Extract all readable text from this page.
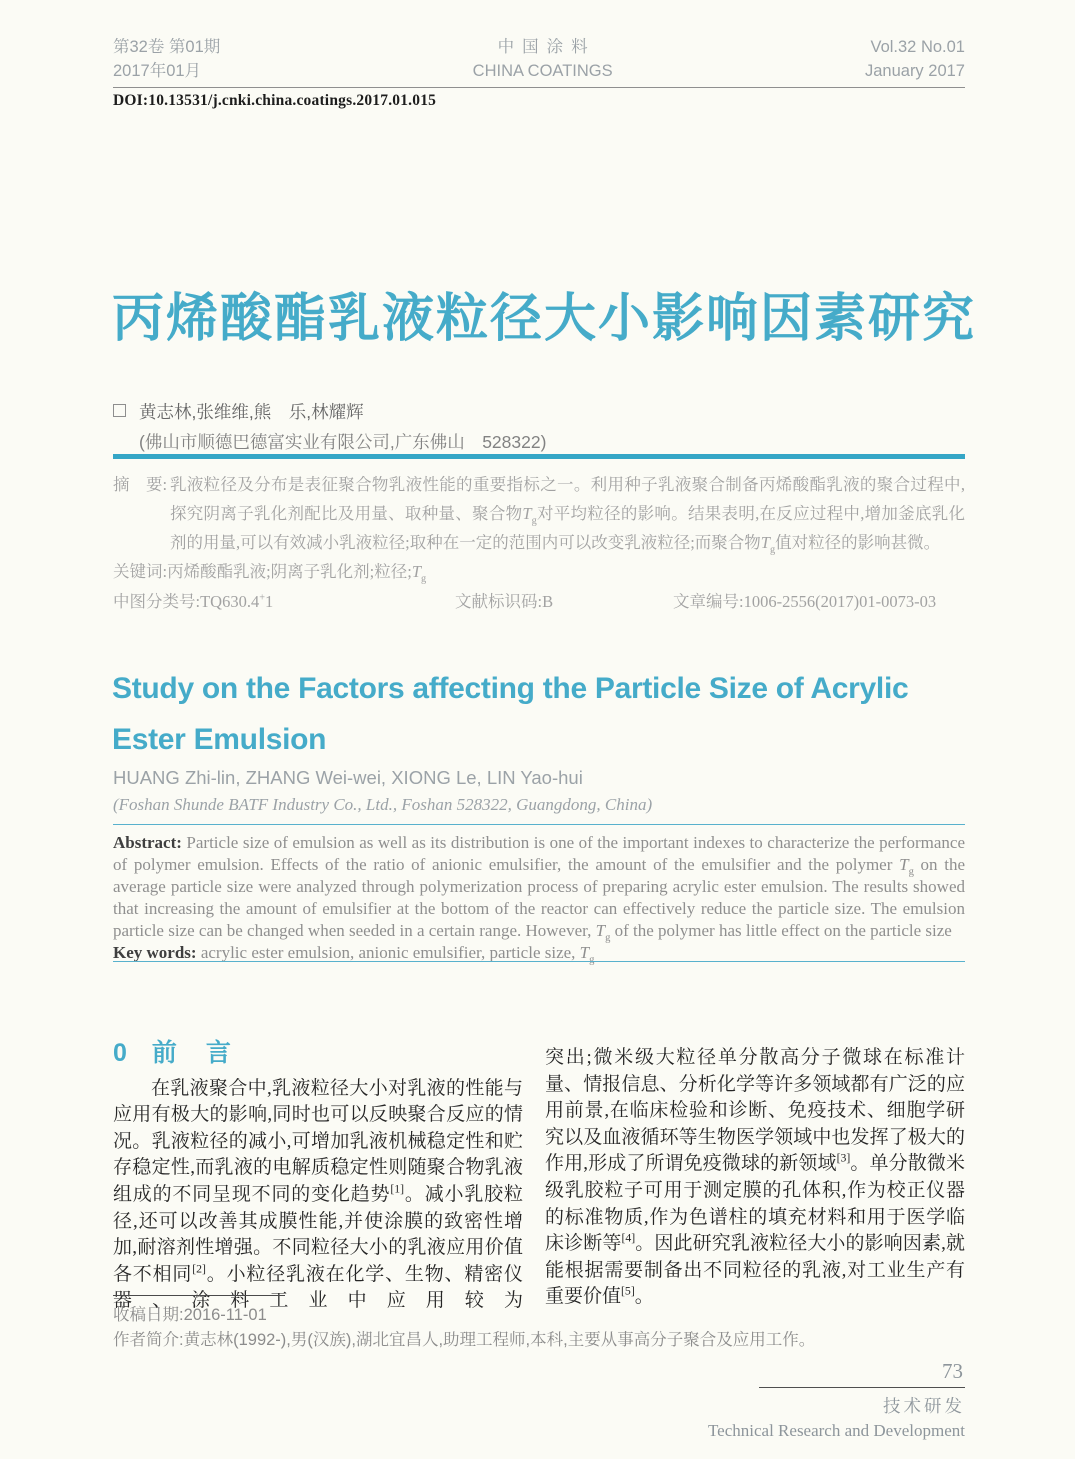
第32卷 第01期
2017年01月
中国涂料
CHINA COATINGS
Vol.32 No.01
January 2017
DOI:10.13531/j.cnki.china.coatings.2017.01.015
丙烯酸酯乳液粒径大小影响因素研究
黄志林,张维维,熊　乐,林耀辉
(佛山市顺德巴德富实业有限公司,广东佛山　528322)
摘　要: 乳液粒径及分布是表征聚合物乳液性能的重要指标之一。利用种子乳液聚合制备丙烯酸酯乳液的聚合过程中,探究阴离子乳化剂配比及用量、取种量、聚合物$T_g$对平均粒径的影响。结果表明,在反应过程中,增加釜底乳化剂的用量,可以有效减小乳液粒径;取种在一定的范围内可以改变乳液粒径;而聚合物$T_g$值对粒径的影响甚微。
关键词:丙烯酸酯乳液;阴离子乳化剂;粒径$;T_g$
中图分类号:TQ630.4+1	文献标识码:B	文章编号:1006-2556(2017)01-0073-03
Study on the Factors affecting the Particle Size of Acrylic
Ester Emulsion
HUANG Zhi-lin, ZHANG Wei-wei, XIONG Le, LIN Yao-hui
(Foshan Shunde BATF Industry Co., Ltd., Foshan 528322, Guangdong, China)

Abstract: Particle size of emulsion as well as its distribution is one of the important indexes to characterize the performance of polymer emulsion. Effects of the ratio of anionic emulsifier, the amount of the emulsifier and the polymer $T_g$ on the average particle size were analyzed through polymerization process of preparing acrylic ester emulsion. The results showed that increasing the amount of emulsifier at the bottom of the reactor can effectively reduce the particle size. The emulsion particle size can be changed when seeded in a certain range. However, $T_g$ of the polymer has little effect on the particle size

Key words: acrylic ester emulsion, anionic emulsifier, particle size, $T_g$

0 前　言

在乳液聚合中,乳液粒径大小对乳液的性能与应用有极大的影响,同时也可以反映聚合反应的情况。乳液粒径的减小,可增加乳液机械稳定性和贮存稳定性,而乳液的电解质稳定性则随聚合物乳液组成的不同呈现不同的变化趋势[1]。减小乳胶粒径,还可以改善其成膜性能,并使涂膜的致密性增加,耐溶剂性增强。不同粒径大小的乳液应用价值各不相同[2]。小粒径乳液在化学、生物、精密仪器、涂料工业中应用较为

突出;微米级大粒径单分散高分子微球在标准计量、情报信息、分析化学等许多领域都有广泛的应用前景,在临床检验和诊断、免疫技术、细胞学研究以及血液循环等生物医学领域中也发挥了极大的作用,形成了所谓免疫微球的新领域[3]。单分散微米级乳胶粒子可用于测定膜的孔体积,作为校正仪器的标准物质,作为色谱柱的填充材料和用于医学临床诊断等[4]。因此研究乳液粒径大小的影响因素,就能根据需要制备出不同粒径的乳液,对工业生产有重要价值[5]。

收稿日期:2016-11-01
作者简介:黄志林(1992-),男(汉族),湖北宜昌人,助理工程师,本科,主要从事高分子聚合及应用工作。
73
技术研发
Technical Research and Development
